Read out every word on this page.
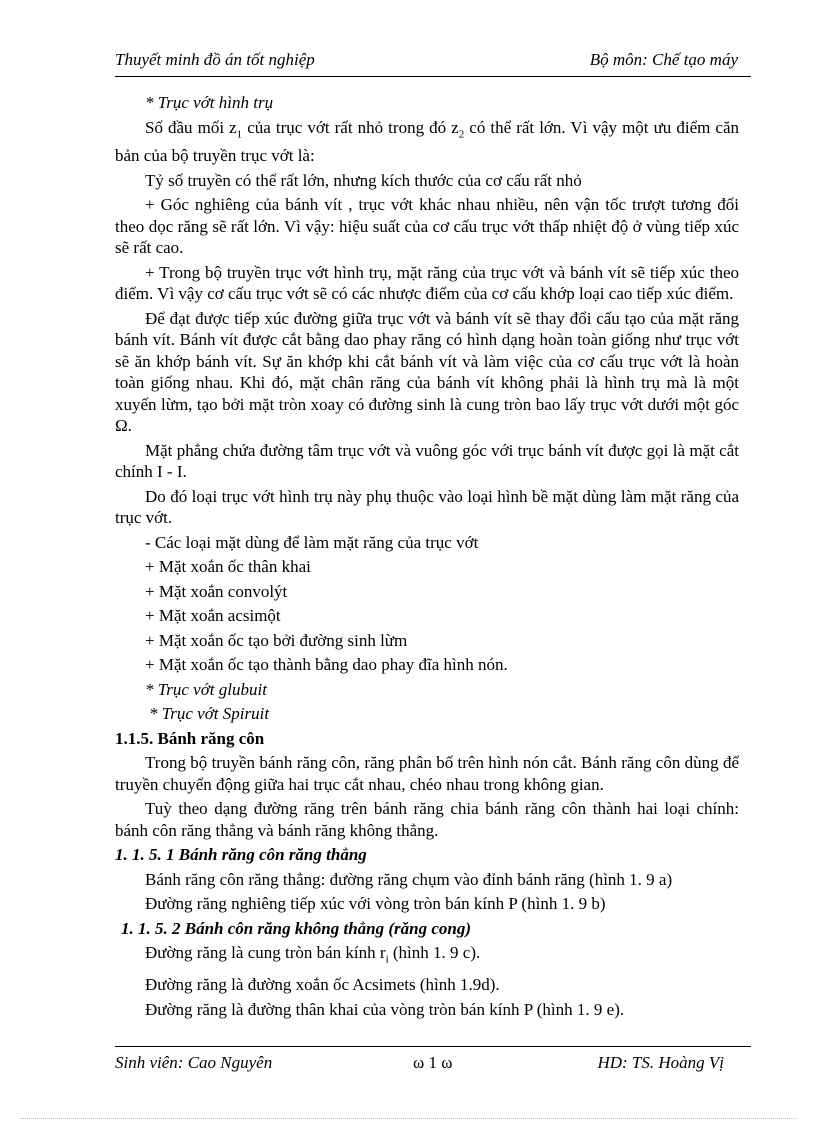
Thuyết minh đồ án tốt nghiệp	Bộ môn: Chế tạo máy

* Trục vớt hình trụ

Số đầu mối $z_1$ của trục vớt rất nhỏ trong đó $z_2$ có thể rất lớn. Vì vậy một ưu điểm căn bản của bộ truyền trục vớt là:

Tỷ số truyền có thể rất lớn, nhưng kích thước của cơ cấu rất nhỏ

+ Góc nghiêng của bánh vít , trục vớt khác nhau nhiều, nên vận tốc trượt tương đối theo dọc răng sẽ rất lớn. Vì vậy: hiệu suất của cơ cấu trục vớt thấp nhiệt độ ở vùng tiếp xúc sẽ rất cao.

+ Trong bộ truyền trục vớt hình trụ, mặt răng của trục vớt và bánh vít sẽ tiếp xúc theo điểm. Vì vậy cơ cấu trục vớt sẽ có các nhược điểm của cơ cấu khớp loại cao tiếp xúc điểm.

Để đạt được tiếp xúc đường giữa trục vớt và bánh vít sẽ thay đổi cấu tạo của mặt răng bánh vít. Bánh vít được cắt bằng dao phay răng có hình dạng hoàn toàn giống như trục vớt sẽ ăn khớp bánh vít. Sự ăn khớp khi cắt bánh vít và làm việc của cơ cấu trục vớt là hoàn toàn giống nhau. Khi đó, mặt chân răng của bánh vít không phải là hình trụ mà là một xuyến lừm, tạo bởi mặt tròn xoay có đường sinh là cung tròn bao lấy trục vớt dưới một góc Ω.

Mặt phẳng chứa đường tâm trục vớt và vuông góc với trục bánh vít được gọi là mặt cắt chính I - I.

Do đó loại trục vớt hình trụ này phụ thuộc vào loại hình bề mặt dùng làm mặt răng của trục vớt.

- Các loại mặt dùng để làm mặt răng của trục vớt

+ Mặt xoắn ốc thân khai

+ Mặt xoắn convolýt

+ Mặt xoắn acsimột

+ Mặt xoắn ốc tạo bởi đường sinh lừm

+ Mặt xoắn ốc tạo thành bằng dao phay đĩa hình nón.

* Trục vớt glubuit

* Trục vớt Spiruit

1.1.5. Bánh răng côn

Trong bộ truyền bánh răng côn, răng phân bố trên hình nón cắt. Bánh răng côn dùng để truyền chuyển động giữa hai trục cắt nhau, chéo nhau trong không gian.

Tuỳ theo dạng đường răng trên bánh răng chia bánh răng côn thành hai loại chính: bánh côn răng thẳng và bánh răng không thẳng.

1. 1. 5. 1 Bánh răng côn răng thẳng

Bánh răng côn răng thẳng: đường răng chụm vào đỉnh bánh răng (hình 1. 9 a)

Đường răng nghiêng tiếp xúc với vòng tròn bán kính P (hình 1. 9 b)

1. 1. 5. 2 Bánh côn răng không thẳng (răng cong)

Đường răng là cung tròn bán kính $r_i$ (hình 1. 9 c).

Đường răng là đường xoắn ốc Acsimets (hình 1.9d).

Đường răng là đường thân khai của vòng tròn bán kính P (hình 1. 9 e).

Sinh viên: Cao Nguyên	ω 1 ω	HD: TS. Hoàng Vị
